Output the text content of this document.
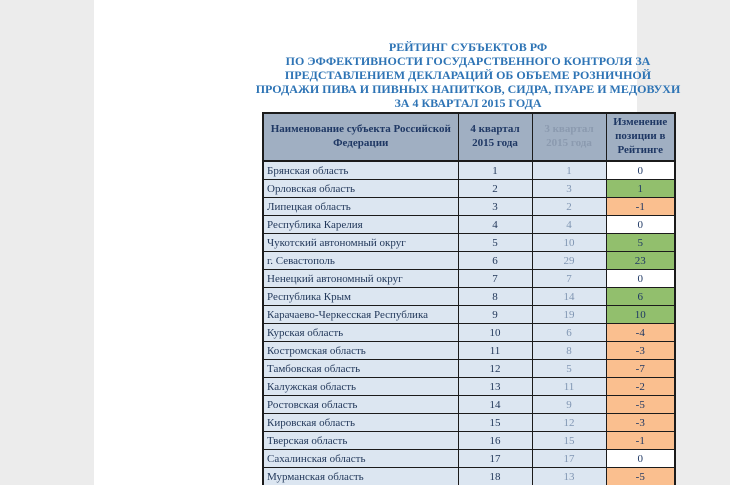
РЕЙТИНГ СУБЪЕКТОВ РФ
ПО ЭФФЕКТИВНОСТИ ГОСУДАРСТВЕННОГО КОНТРОЛЯ ЗА
ПРЕДСТАВЛЕНИЕМ ДЕКЛАРАЦИЙ ОБ ОБЪЕМЕ РОЗНИЧНОЙ
ПРОДАЖИ ПИВА И ПИВНЫХ НАПИТКОВ, СИДРА, ПУАРЕ И МЕДОВУХИ
ЗА 4 КВАРТАЛ 2015 ГОДА
Наименование субъекта Российской Федерации	4 квартал 2015 года	3 квартал 2015 года	Изменение позиции в Рейтинге
Брянская область	1	1	0
Орловская область	2	3	1
Липецкая область	3	2	-1
Республика Карелия	4	4	0
Чукотский автономный округ	5	10	5
г. Севастополь	6	29	23
Ненецкий автономный округ	7	7	0
Республика Крым	8	14	6
Карачаево-Черкесская Республика	9	19	10
Курская область	10	6	-4
Костромская область	11	8	-3
Тамбовская область	12	5	-7
Калужская область	13	11	-2
Ростовская область	14	9	-5
Кировская область	15	12	-3
Тверская область	16	15	-1
Сахалинская область	17	17	0
Мурманская область	18	13	-5
